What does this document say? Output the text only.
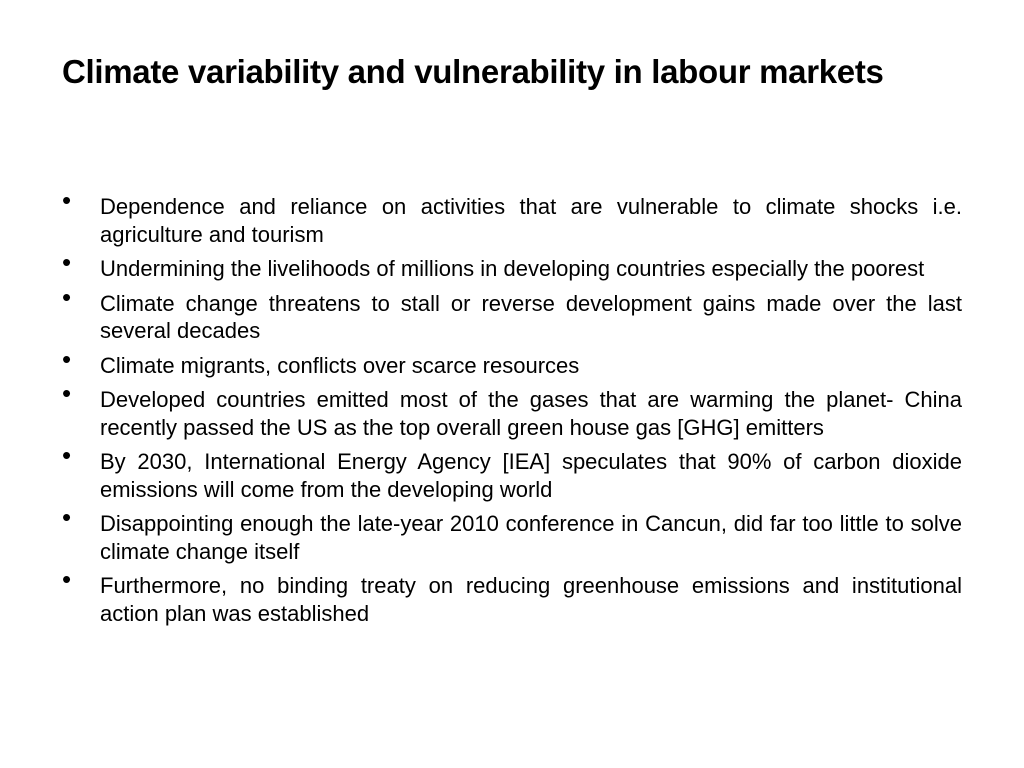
Climate variability and vulnerability in labour markets
• Dependence and reliance on activities that are vulnerable to climate shocks i.e. agriculture and tourism
• Undermining the livelihoods of millions in developing countries especially the poorest
• Climate change threatens to stall or reverse development gains made over the last several decades
• Climate migrants, conflicts over scarce resources
• Developed countries emitted most of the gases that are warming the planet- China recently passed the US as the top overall green house gas [GHG] emitters
• By 2030, International Energy Agency [IEA] speculates that 90% of carbon dioxide emissions will come from the developing world
• Disappointing enough the late-year 2010 conference in Cancun, did far too little to solve climate change itself
• Furthermore, no binding treaty on reducing greenhouse emissions and institutional action plan was established
